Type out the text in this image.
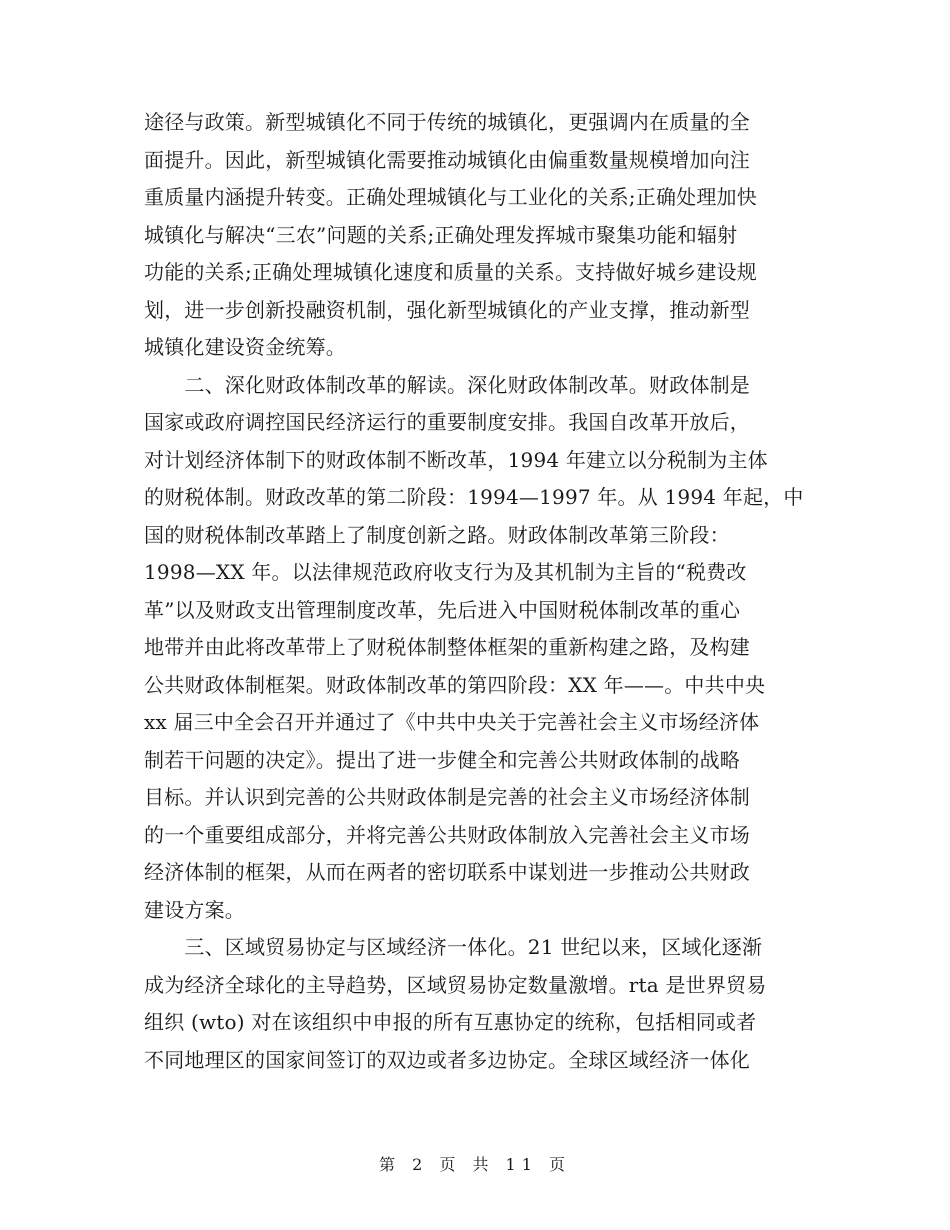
途径与政策。新型城镇化不同于传统的城镇化，更强调内在质量的全
面提升。因此，新型城镇化需要推动城镇化由偏重数量规模增加向注
重质量内涵提升转变。正确处理城镇化与工业化的关系;正确处理加快
城镇化与解决“三农”问题的关系;正确处理发挥城市聚集功能和辐射
功能的关系;正确处理城镇化速度和质量的关系。支持做好城乡建设规
划，进一步创新投融资机制，强化新型城镇化的产业支撑，推动新型
城镇化建设资金统筹。
　　二、深化财政体制改革的解读。深化财政体制改革。财政体制是
国家或政府调控国民经济运行的重要制度安排。我国自改革开放后，
对计划经济体制下的财政体制不断改革，1994 年建立以分税制为主体
的财税体制。财政改革的第二阶段：1994—1997 年。从 1994 年起，中
国的财税体制改革踏上了制度创新之路。财政体制改革第三阶段：
1998—XX 年。以法律规范政府收支行为及其机制为主旨的“税费改
革”以及财政支出管理制度改革，先后进入中国财税体制改革的重心
地带并由此将改革带上了财税体制整体框架的重新构建之路，及构建
公共财政体制框架。财政体制改革的第四阶段：XX 年——。中共中央
xx 届三中全会召开并通过了《中共中央关于完善社会主义市场经济体
制若干问题的决定》。提出了进一步健全和完善公共财政体制的战略
目标。并认识到完善的公共财政体制是完善的社会主义市场经济体制
的一个重要组成部分，并将完善公共财政体制放入完善社会主义市场
经济体制的框架，从而在两者的密切联系中谋划进一步推动公共财政
建设方案。
　　三、区域贸易协定与区域经济一体化。21 世纪以来，区域化逐渐
成为经济全球化的主导趋势，区域贸易协定数量激增。rta 是世界贸易
组织 (wto) 对在该组织中申报的所有互惠协定的统称，包括相同或者
不同地理区的国家间签订的双边或者多边协定。全球区域经济一体化
第 2 页 共 11 页
